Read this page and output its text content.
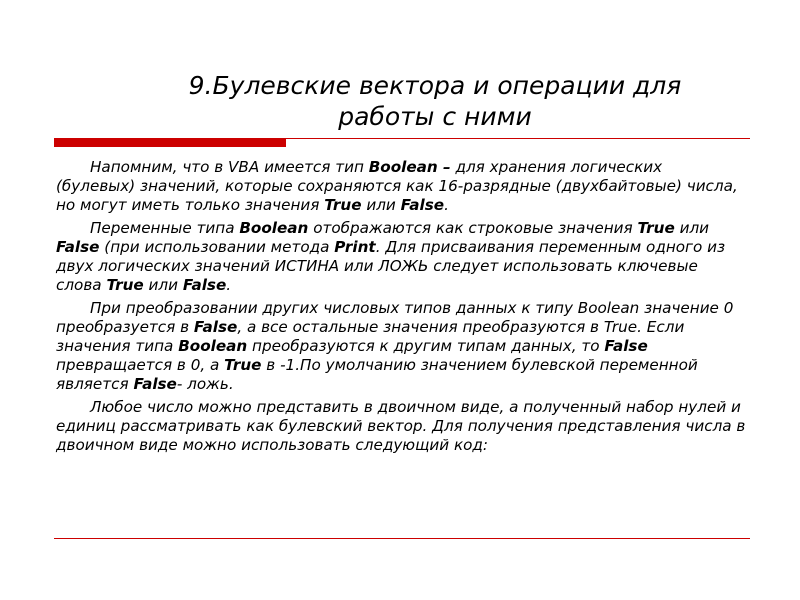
9.Булевские вектора и операции для
работы с ними

Напомним, что в VBA имеется тип Boolean – для хранения логических (булевых) значений, которые сохраняются как 16-разрядные (двухбайтовые) числа, но могут иметь только значения True или False.

Переменные типа Boolean отображаются как строковые значения True или False (при использовании метода Print. Для присваивания переменным одного из двух логических значений ИСТИНА или ЛОЖЬ следует использовать ключевые слова True или False.

При преобразовании других числовых типов данных к типу Boolean значение 0 преобразуется в False, а все остальные значения преобразуются в True. Если значения типа Boolean преобразуются к другим типам данных, то False превращается в 0, а True в -1.По умолчанию значением булевской переменной является False- ложь.

Любое число можно представить в двоичном виде, а полученный набор нулей и единиц рассматривать как булевский вектор. Для получения представления числа в двоичном виде можно использовать следующий код:
